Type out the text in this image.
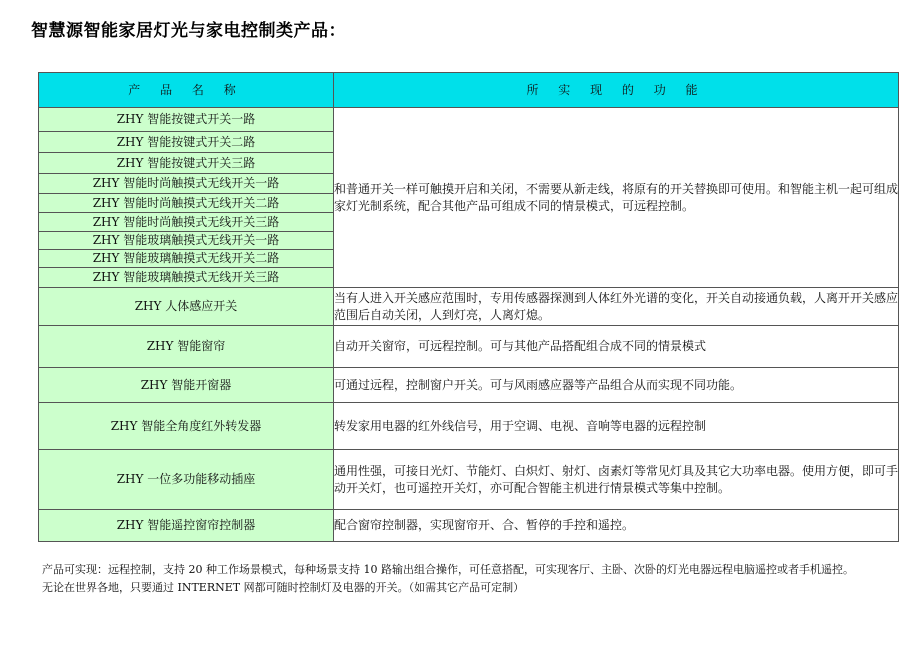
智慧源智能家居灯光与家电控制类产品：
产 品 名 称	所 实 现 的 功 能
ZHY 智能按键式开关一路	和普通开关一样可触摸开启和关闭，不需要从新走线，将原有的开关替换即可使用。和智能主机一起可组成家灯光制系统，配合其他产品可组成不同的情景模式，可远程控制。
ZHY 智能按键式开关二路	
ZHY 智能按键式开关三路	
ZHY 智能时尚触摸式无线开关一路	
ZHY 智能时尚触摸式无线开关二路	
ZHY 智能时尚触摸式无线开关三路	
ZHY 智能玻璃触摸式无线开关一路	
ZHY 智能玻璃触摸式无线开关二路	
ZHY 智能玻璃触摸式无线开关三路	
ZHY 人体感应开关	当有人进入开关感应范围时，专用传感器探测到人体红外光谱的变化，开关自动接通负载，人离开开关感应范围后自动关闭，人到灯亮，人离灯熄。
ZHY 智能窗帘	自动开关窗帘，可远程控制。可与其他产品搭配组合成不同的情景模式
ZHY 智能开窗器	可通过远程，控制窗户开关。可与风雨感应器等产品组合从而实现不同功能。
ZHY 智能全角度红外转发器	转发家用电器的红外线信号，用于空调、电视、音响等电器的远程控制
ZHY 一位多功能移动插座	通用性强，可接日光灯、节能灯、白炽灯、射灯、卤素灯等常见灯具及其它大功率电器。使用方便，即可手动开关灯，也可遥控开关灯，亦可配合智能主机进行情景模式等集中控制。
ZHY 智能遥控窗帘控制器	配合窗帘控制器，实现窗帘开、合、暂停的手控和遥控。
产品可实现：远程控制，支持 20 种工作场景模式，每种场景支持 10 路输出组合操作，可任意搭配，可实现客厅、主卧、次卧的灯光电器远程电脑遥控或者手机遥控。
无论在世界各地，只要通过 INTERNET 网都可随时控制灯及电器的开关。（如需其它产品可定制）
